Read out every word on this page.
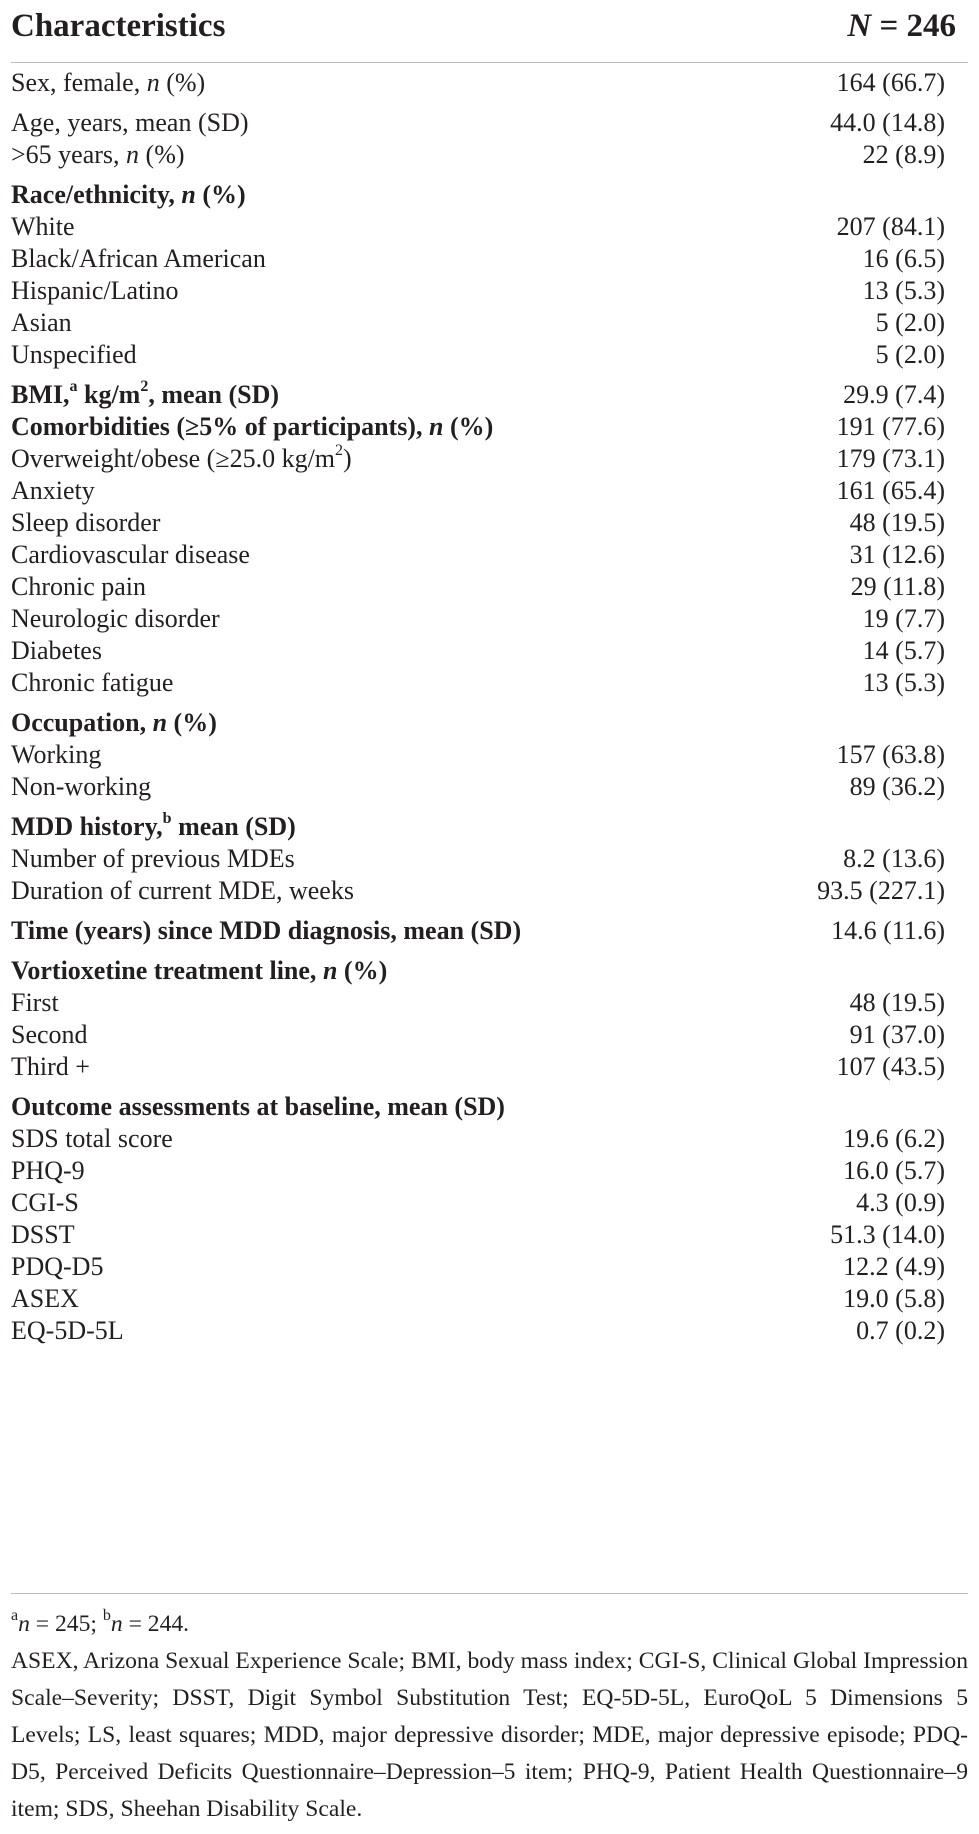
Characteristics	N = 246
Sex, female, n (%)	164 (66.7)
Age, years, mean (SD)	44.0 (14.8)
>65 years, n (%)	22 (8.9)
Race/ethnicity, n (%)
White	207 (84.1)
Black/African American	16 (6.5)
Hispanic/Latino	13 (5.3)
Asian	5 (2.0)
Unspecified	5 (2.0)
BMI,$^a$ $kg/m^2$, mean (SD)	29.9 (7.4)
Comorbidities (≥5% of participants), n (%)	191 (77.6)
Overweight/obese (≥25.0 $kg/m^2$)	179 (73.1)
Anxiety	161 (65.4)
Sleep disorder	48 (19.5)
Cardiovascular disease	31 (12.6)
Chronic pain	29 (11.8)
Neurologic disorder	19 (7.7)
Diabetes	14 (5.7)
Chronic fatigue	13 (5.3)
Occupation, n (%)
Working	157 (63.8)
Non-working	89 (36.2)
MDD history,$^b$ mean (SD)
Number of previous MDEs	8.2 (13.6)
Duration of current MDE, weeks	93.5 (227.1)
Time (years) since MDD diagnosis, mean (SD)	14.6 (11.6)
Vortioxetine treatment line, n (%)
First	48 (19.5)
Second	91 (37.0)
Third +	107 (43.5)
Outcome assessments at baseline, mean (SD)
SDS total score	19.6 (6.2)
PHQ-9	16.0 (5.7)
CGI-S	4.3 (0.9)
DSST	51.3 (14.0)
PDQ-D5	12.2 (4.9)
ASEX	19.0 (5.8)
EQ-5D-5L	0.7 (0.2)
$^a$n = 245; $^b$n = 244.
ASEX, Arizona Sexual Experience Scale; BMI, body mass index; CGI-S, Clinical Global Impression Scale–Severity; DSST, Digit Symbol Substitution Test; EQ-5D-5L, EuroQoL 5 Dimensions 5 Levels; LS, least squares; MDD, major depressive disorder; MDE, major depressive episode; PDQ-D5, Perceived Deficits Questionnaire–Depression–5 item; PHQ-9, Patient Health Questionnaire–9 item; SDS, Sheehan Disability Scale.
